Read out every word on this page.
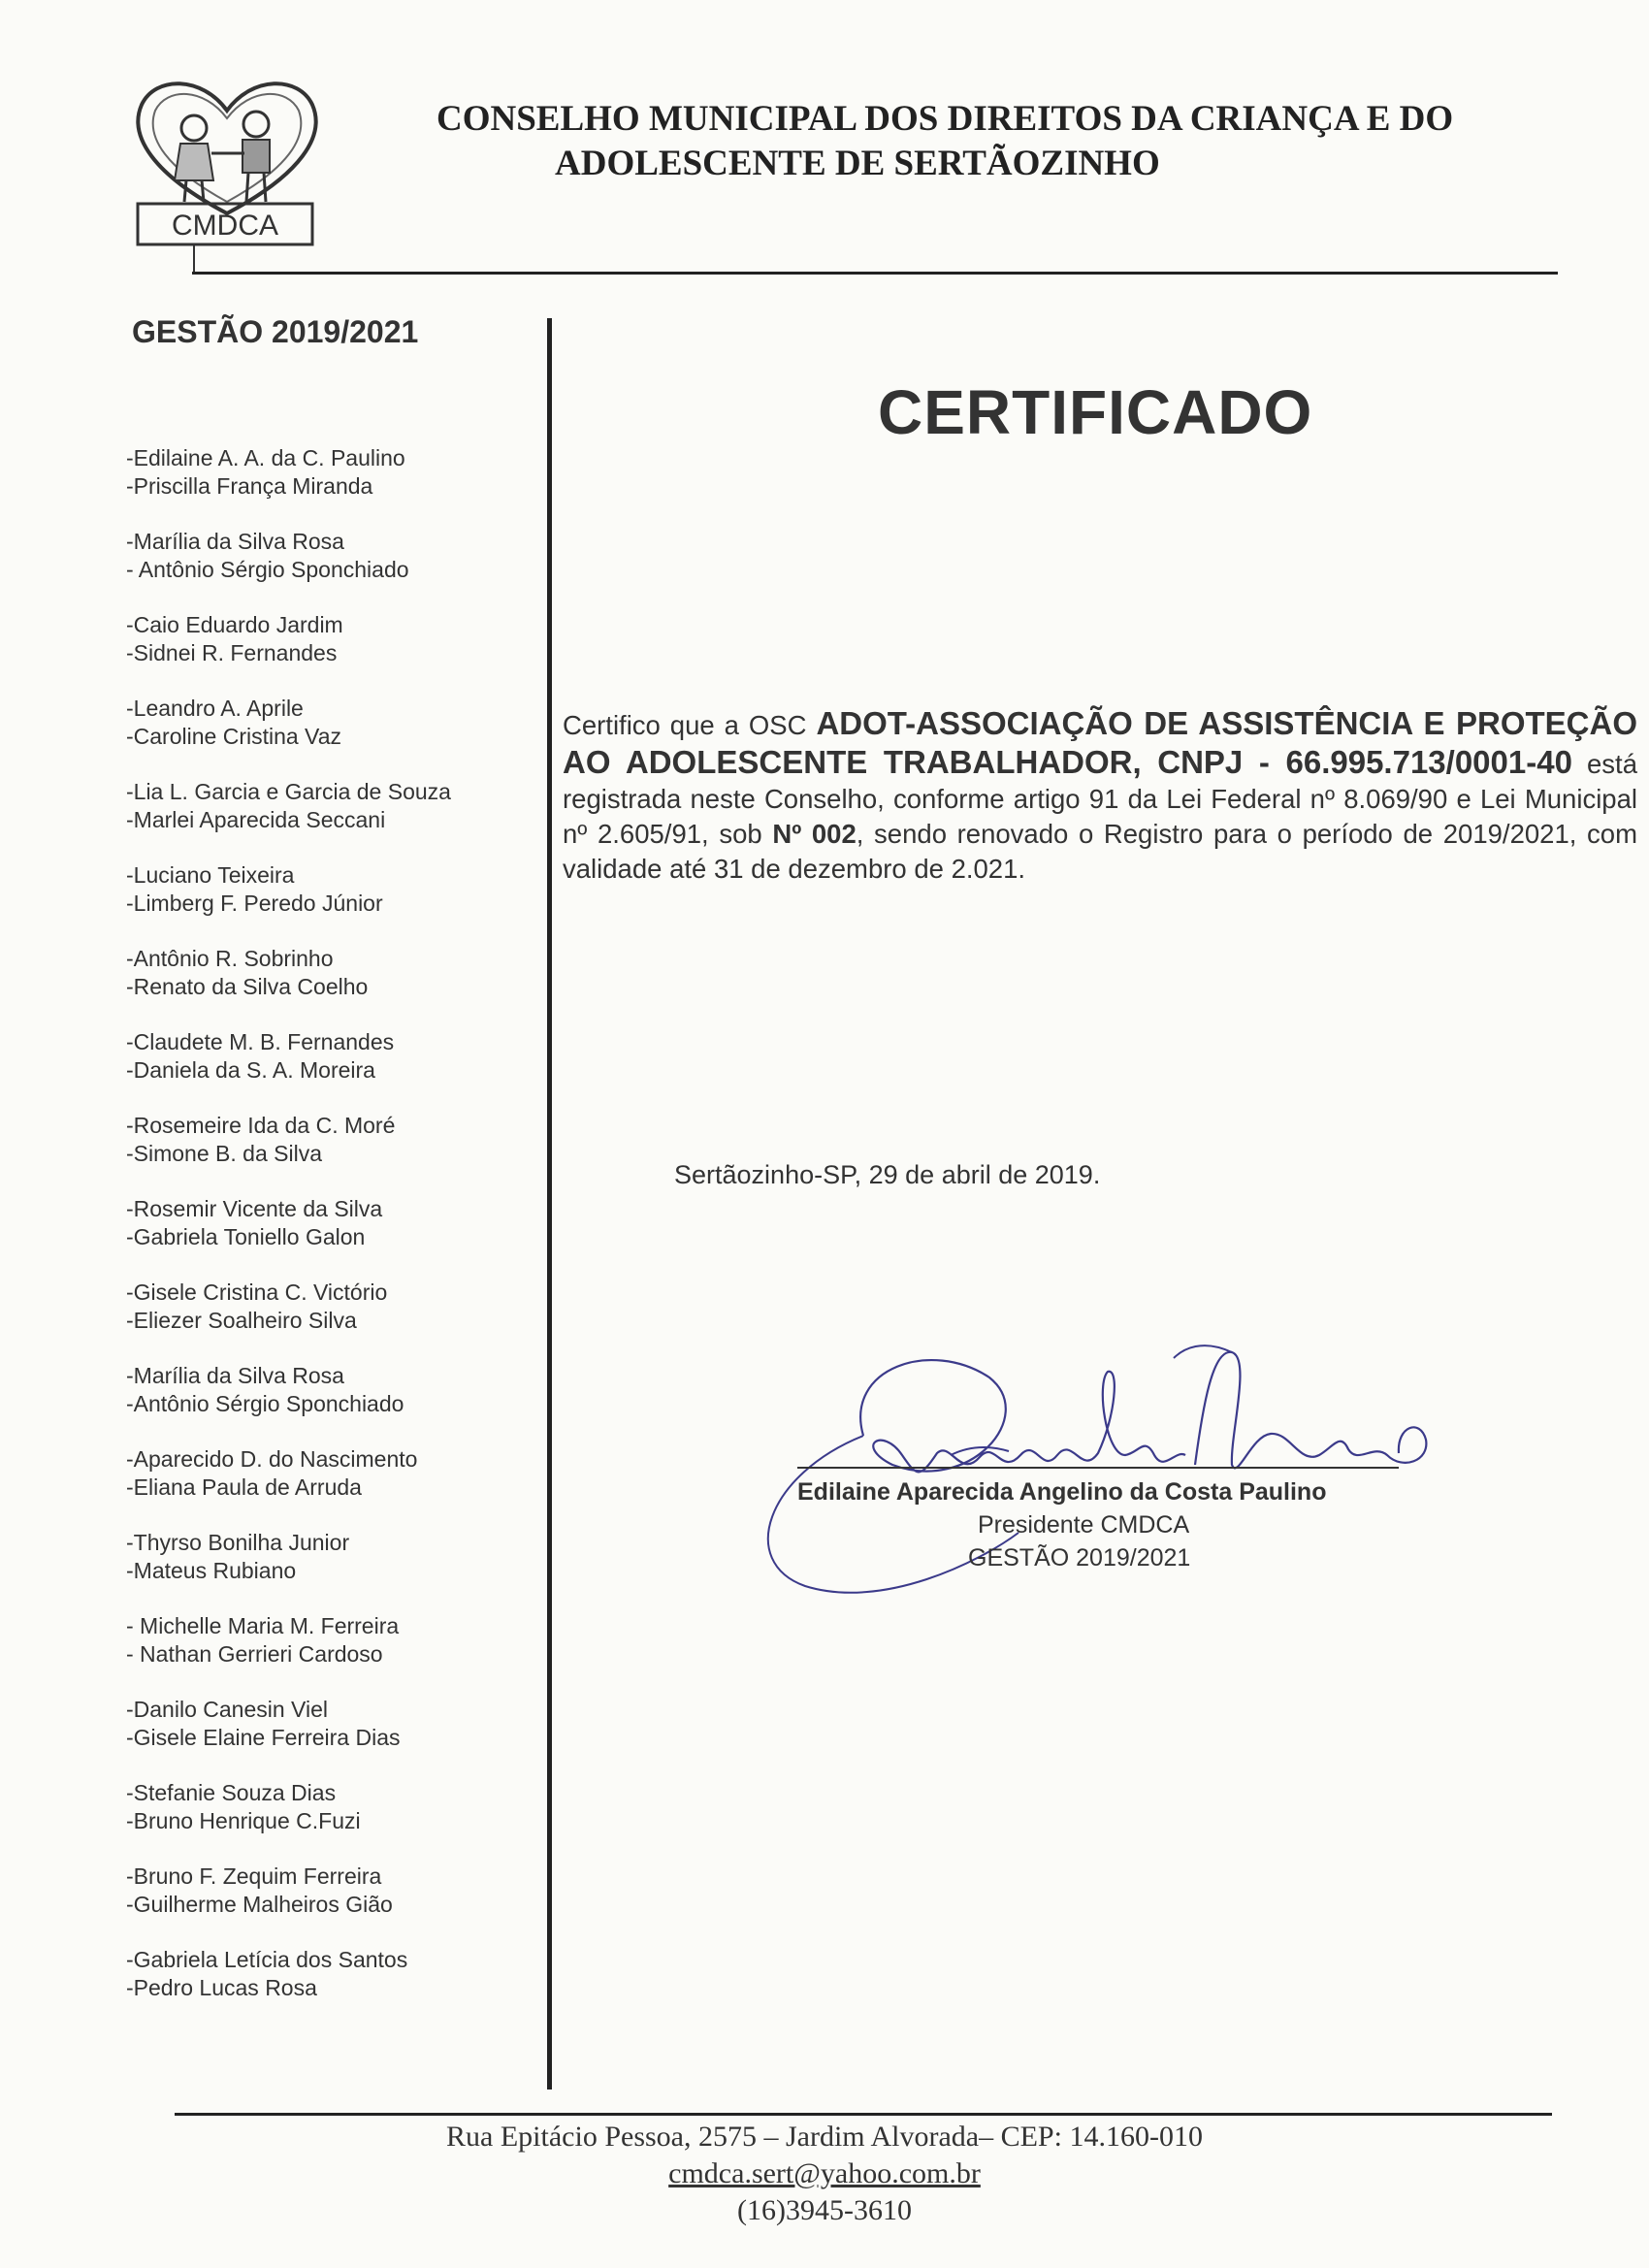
CMDCA
CONSELHO MUNICIPAL DOS DIREITOS DA CRIANÇA E DO
ADOLESCENTE DE SERTÃOZINHO
GESTÃO 2019/2021
-Edilaine A. A. da C. Paulino
-Priscilla França Miranda
-Marília da Silva Rosa
- Antônio Sérgio Sponchiado
-Caio Eduardo Jardim
-Sidnei R. Fernandes
-Leandro A. Aprile
-Caroline Cristina Vaz
-Lia L. Garcia e Garcia de Souza
-Marlei Aparecida Seccani
-Luciano Teixeira
-Limberg F. Peredo Júnior
-Antônio R. Sobrinho
-Renato da Silva Coelho
-Claudete M. B. Fernandes
-Daniela da S. A. Moreira
-Rosemeire Ida da C. Moré
-Simone B. da Silva
-Rosemir Vicente da Silva
-Gabriela Toniello Galon
-Gisele Cristina C. Victório
-Eliezer Soalheiro Silva
-Marília da Silva Rosa
-Antônio Sérgio Sponchiado
-Aparecido D. do Nascimento
-Eliana Paula de Arruda
-Thyrso Bonilha Junior
-Mateus Rubiano
- Michelle Maria M. Ferreira
- Nathan Gerrieri Cardoso
-Danilo Canesin Viel
-Gisele Elaine Ferreira Dias
-Stefanie Souza Dias
-Bruno Henrique C.Fuzi
-Bruno F. Zequim Ferreira
-Guilherme Malheiros Gião
-Gabriela Letícia dos Santos
-Pedro Lucas Rosa
CERTIFICADO
Certifico que a OSC ADOT-ASSOCIAÇÃO DE ASSISTÊNCIA E PROTEÇÃO AO ADOLESCENTE TRABALHADOR, CNPJ - 66.995.713/0001-40 está registrada neste Conselho, conforme artigo 91 da Lei Federal nº 8.069/90 e Lei Municipal nº 2.605/91, sob Nº 002, sendo renovado o Registro para o período de 2019/2021, com validade até 31 de dezembro de 2.021.
Sertãozinho-SP, 29 de abril de 2019.
Edilaine Aparecida Angelino da Costa Paulino
Presidente CMDCA
GESTÃO 2019/2021
Rua Epitácio Pessoa, 2575 – Jardim Alvorada– CEP: 14.160-010
cmdca.sert@yahoo.com.br
(16)3945-3610
